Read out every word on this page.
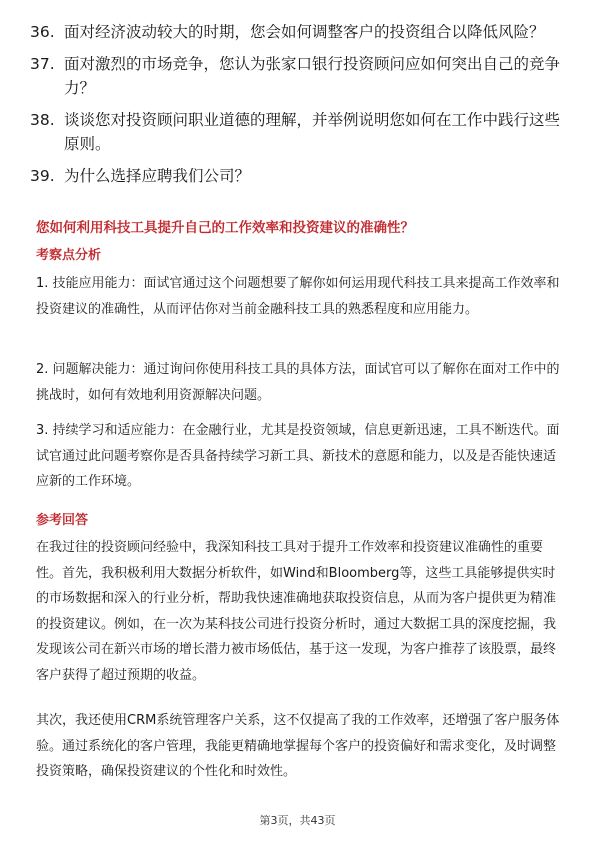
36. 面对经济波动较大的时期，您会如何调整客户的投资组合以降低风险？
37. 面对激烈的市场竞争，您认为张家口银行投资顾问应如何突出自己的竞争力？
38. 谈谈您对投资顾问职业道德的理解，并举例说明您如何在工作中践行这些原则。
39. 为什么选择应聘我们公司？
您如何利用科技工具提升自己的工作效率和投资建议的准确性？
考察点分析
1. 技能应用能力：面试官通过这个问题想要了解你如何运用现代科技工具来提高工作效率和投资建议的准确性，从而评估你对当前金融科技工具的熟悉程度和应用能力。
2. 问题解决能力：通过询问你使用科技工具的具体方法，面试官可以了解你在面对工作中的挑战时，如何有效地利用资源解决问题。
3. 持续学习和适应能力：在金融行业，尤其是投资领域，信息更新迅速，工具不断迭代。面试官通过此问题考察你是否具备持续学习新工具、新技术的意愿和能力，以及是否能快速适应新的工作环境。
参考回答
在我过往的投资顾问经验中，我深知科技工具对于提升工作效率和投资建议准确性的重要性。首先，我积极利用大数据分析软件，如Wind和Bloomberg等，这些工具能够提供实时的市场数据和深入的行业分析，帮助我快速准确地获取投资信息，从而为客户提供更为精准的投资建议。例如，在一次为某科技公司进行投资分析时，通过大数据工具的深度挖掘，我发现该公司在新兴市场的增长潜力被市场低估，基于这一发现，为客户推荐了该股票，最终客户获得了超过预期的收益。
其次，我还使用CRM系统管理客户关系，这不仅提高了我的工作效率，还增强了客户服务体验。通过系统化的客户管理，我能更精确地掌握每个客户的投资偏好和需求变化，及时调整投资策略，确保投资建议的个性化和时效性。
第3页，共43页
